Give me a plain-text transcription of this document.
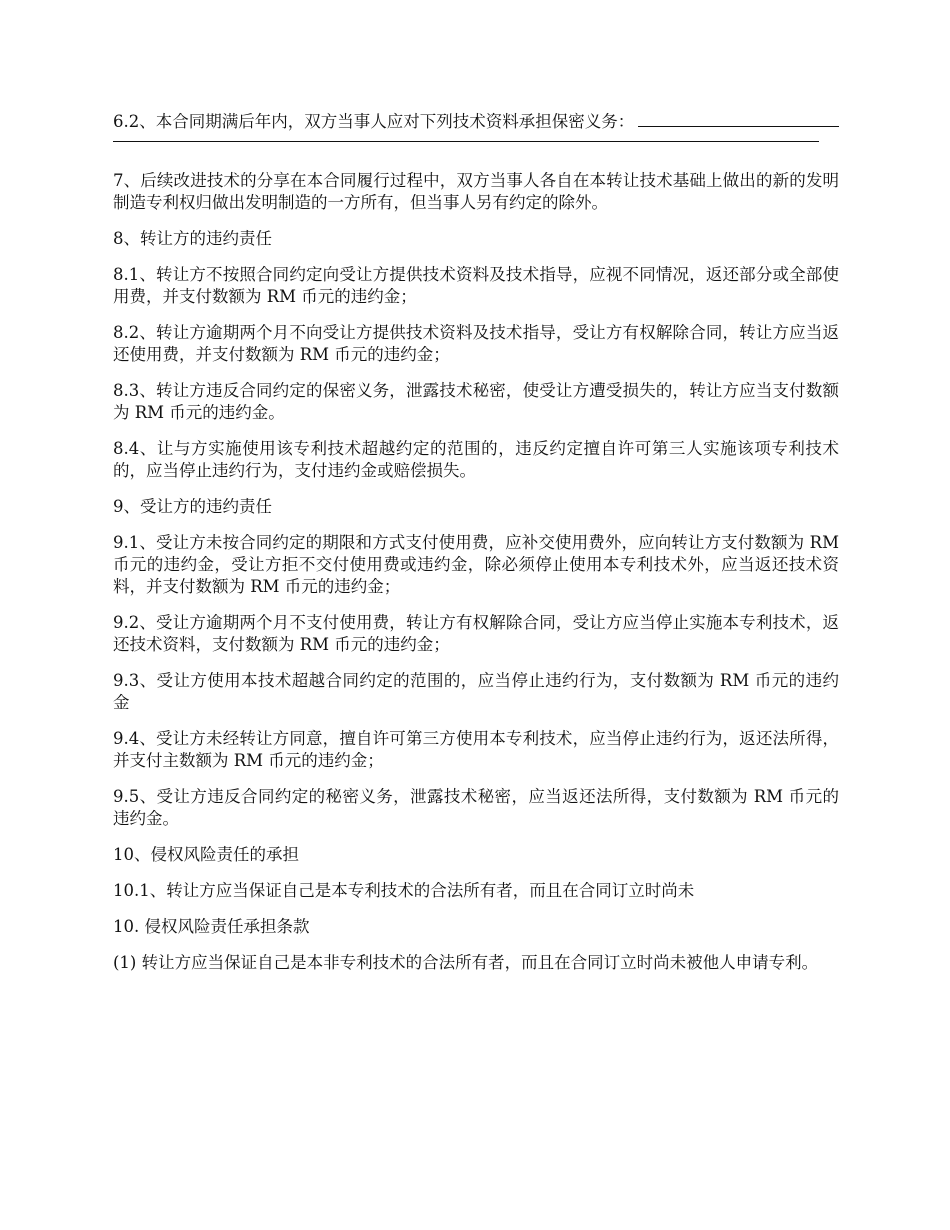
6.2、本合同期满后年内，双方当事人应对下列技术资料承担保密义务：

7、后续改进技术的分享在本合同履行过程中，双方当事人各自在本转让技术基础上做出的新的发明制造专利权归做出发明制造的一方所有，但当事人另有约定的除外。

8、转让方的违约责任

8.1、转让方不按照合同约定向受让方提供技术资料及技术指导，应视不同情况，返还部分或全部使用费，并支付数额为 RM 币元的违约金；

8.2、转让方逾期两个月不向受让方提供技术资料及技术指导，受让方有权解除合同，转让方应当返还使用费，并支付数额为 RM 币元的违约金；

8.3、转让方违反合同约定的保密义务，泄露技术秘密，使受让方遭受损失的，转让方应当支付数额为 RM 币元的违约金。

8.4、让与方实施使用该专利技术超越约定的范围的，违反约定擅自许可第三人实施该项专利技术的，应当停止违约行为，支付违约金或赔偿损失。

9、受让方的违约责任

9.1、受让方未按合同约定的期限和方式支付使用费，应补交使用费外，应向转让方支付数额为 RM 币元的违约金，受让方拒不交付使用费或违约金，除必须停止使用本专利技术外，应当返还技术资料，并支付数额为 RM 币元的违约金；

9.2、受让方逾期两个月不支付使用费，转让方有权解除合同，受让方应当停止实施本专利技术，返还技术资料，支付数额为 RM 币元的违约金；

9.3、受让方使用本技术超越合同约定的范围的，应当停止违约行为，支付数额为 RM 币元的违约金

9.4、受让方未经转让方同意，擅自许可第三方使用本专利技术，应当停止违约行为，返还法所得，并支付主数额为 RM 币元的违约金；

9.5、受让方违反合同约定的秘密义务，泄露技术秘密，应当返还法所得，支付数额为 RM 币元的违约金。

10、侵权风险责任的承担

10.1、转让方应当保证自己是本专利技术的合法所有者，而且在合同订立时尚未

10. 侵权风险责任承担条款

(1) 转让方应当保证自己是本非专利技术的合法所有者，而且在合同订立时尚未被他人申请专利。
